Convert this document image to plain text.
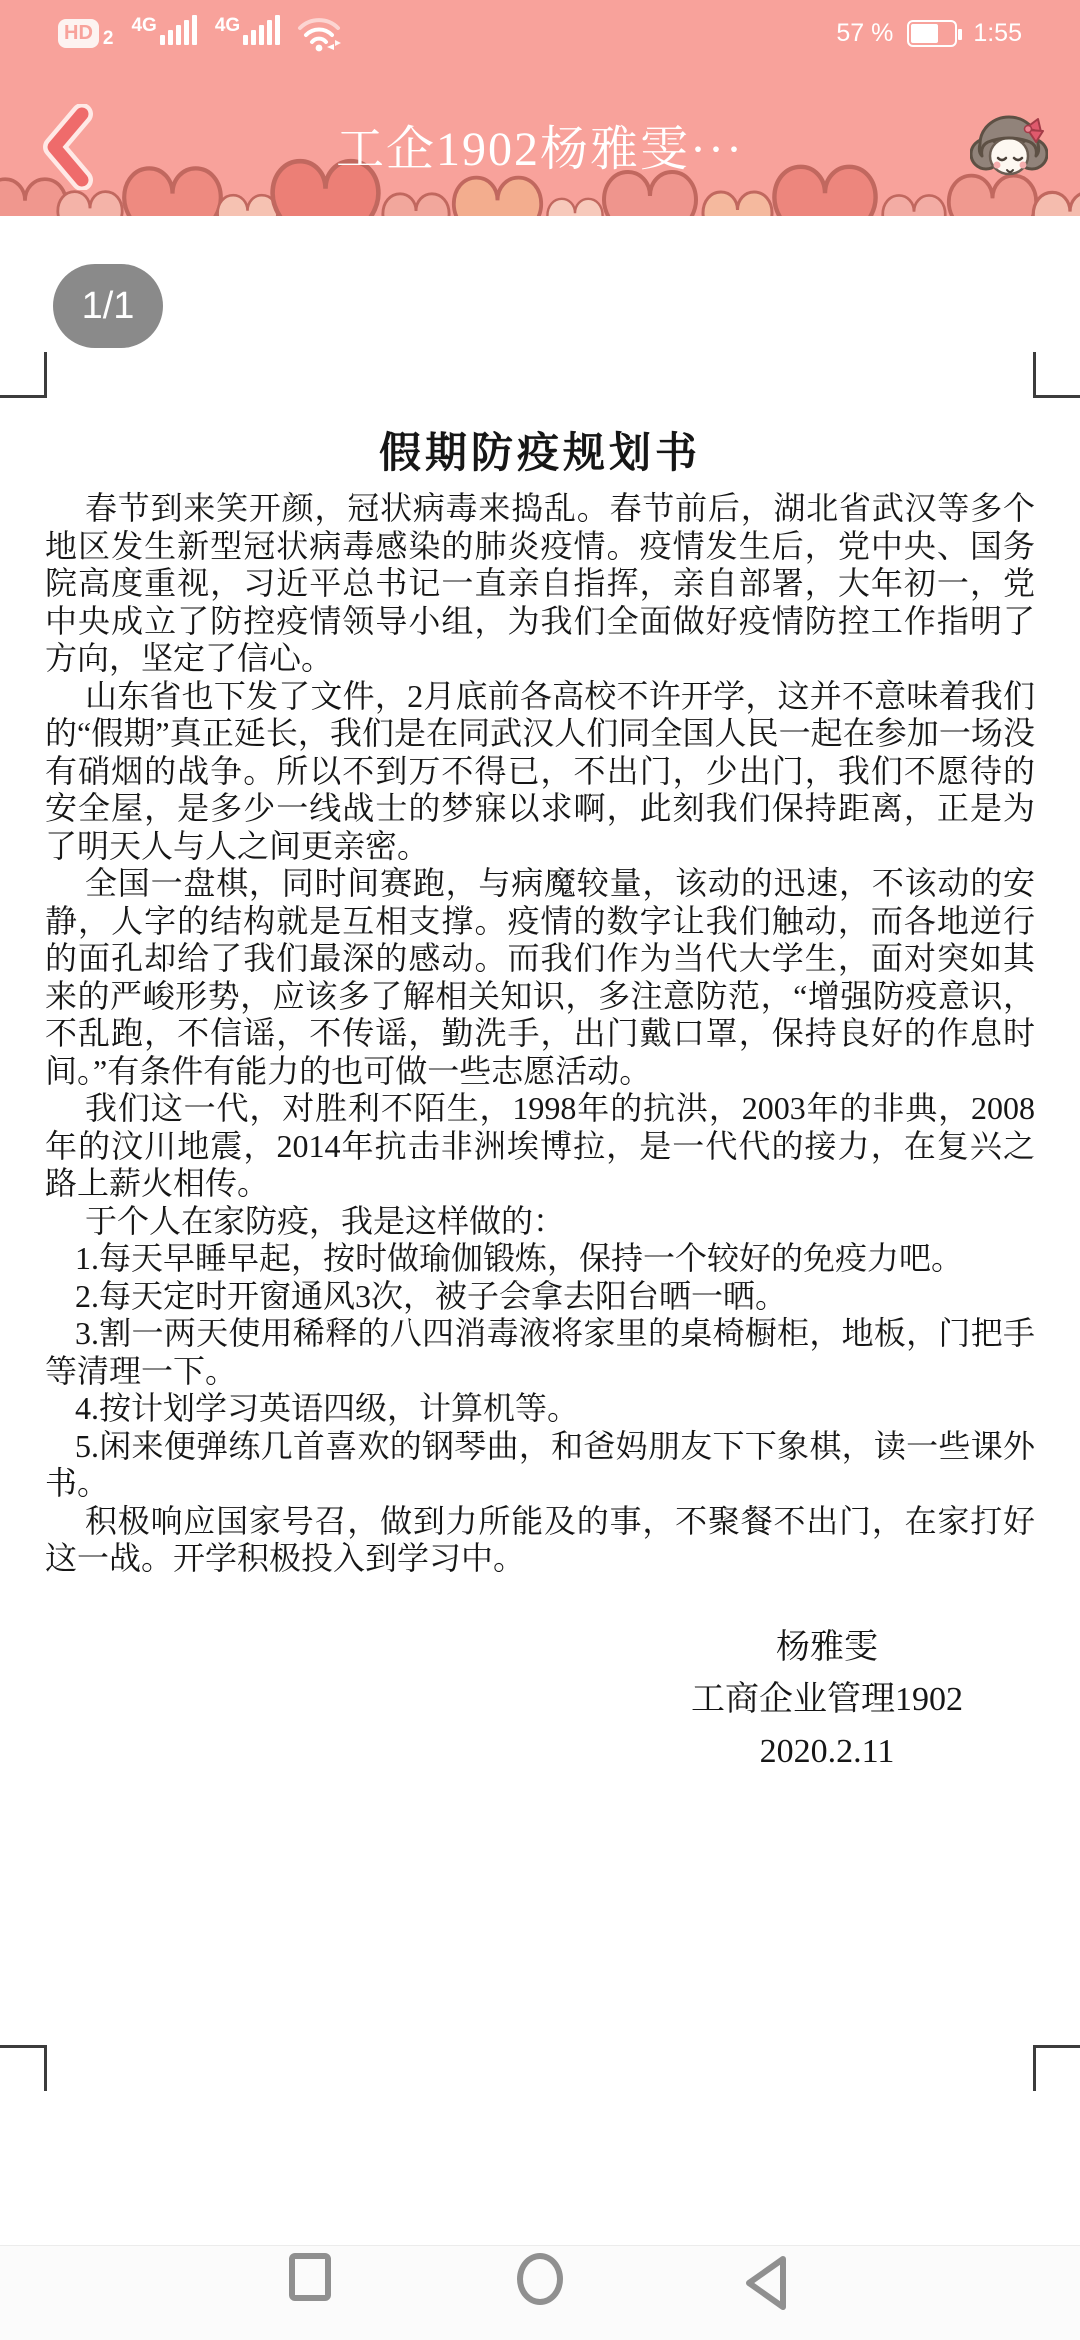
HD 2
4G	4G	57 %	1:55
工企1902杨雅雯···
1/1
假期防疫规划书

春节到来笑开颜，冠状病毒来捣乱。春节前后，湖北省武汉等多个地区发生新型冠状病毒感染的肺炎疫情。疫情发生后，党中央、国务院高度重视，习近平总书记一直亲自指挥，亲自部署，大年初一，党中央成立了防控疫情领导小组，为我们全面做好疫情防控工作指明了方向，坚定了信心。

山东省也下发了文件，2月底前各高校不许开学，这并不意味着我们的“假期”真正延长，我们是在同武汉人们同全国人民一起在参加一场没有硝烟的战争。所以不到万不得已，不出门，少出门，我们不愿待的安全屋，是多少一线战士的梦寐以求啊，此刻我们保持距离，正是为了明天人与人之间更亲密。

全国一盘棋，同时间赛跑，与病魔较量，该动的迅速，不该动的安静，人字的结构就是互相支撑。疫情的数字让我们触动，而各地逆行的面孔却给了我们最深的感动。而我们作为当代大学生，面对突如其来的严峻形势，应该多了解相关知识，多注意防范，“增强防疫意识，不乱跑，不信谣，不传谣，勤洗手，出门戴口罩，保持良好的作息时间。”有条件有能力的也可做一些志愿活动。

我们这一代，对胜利不陌生，1998年的抗洪，2003年的非典，2008年的汶川地震，2014年抗击非洲埃博拉，是一代代的接力，在复兴之路上薪火相传。

于个人在家防疫，我是这样做的：

1.每天早睡早起，按时做瑜伽锻炼，保持一个较好的免疫力吧。

2.每天定时开窗通风3次，被子会拿去阳台晒一晒。

3.割一两天使用稀释的八四消毒液将家里的桌椅橱柜，地板，门把手等清理一下。

4.按计划学习英语四级，计算机等。

5.闲来便弹练几首喜欢的钢琴曲，和爸妈朋友下下象棋，读一些课外书。

积极响应国家号召，做到力所能及的事，不聚餐不出门，在家打好这一战。开学积极投入到学习中。

杨雅雯
工商企业管理1902
2020.2.11
